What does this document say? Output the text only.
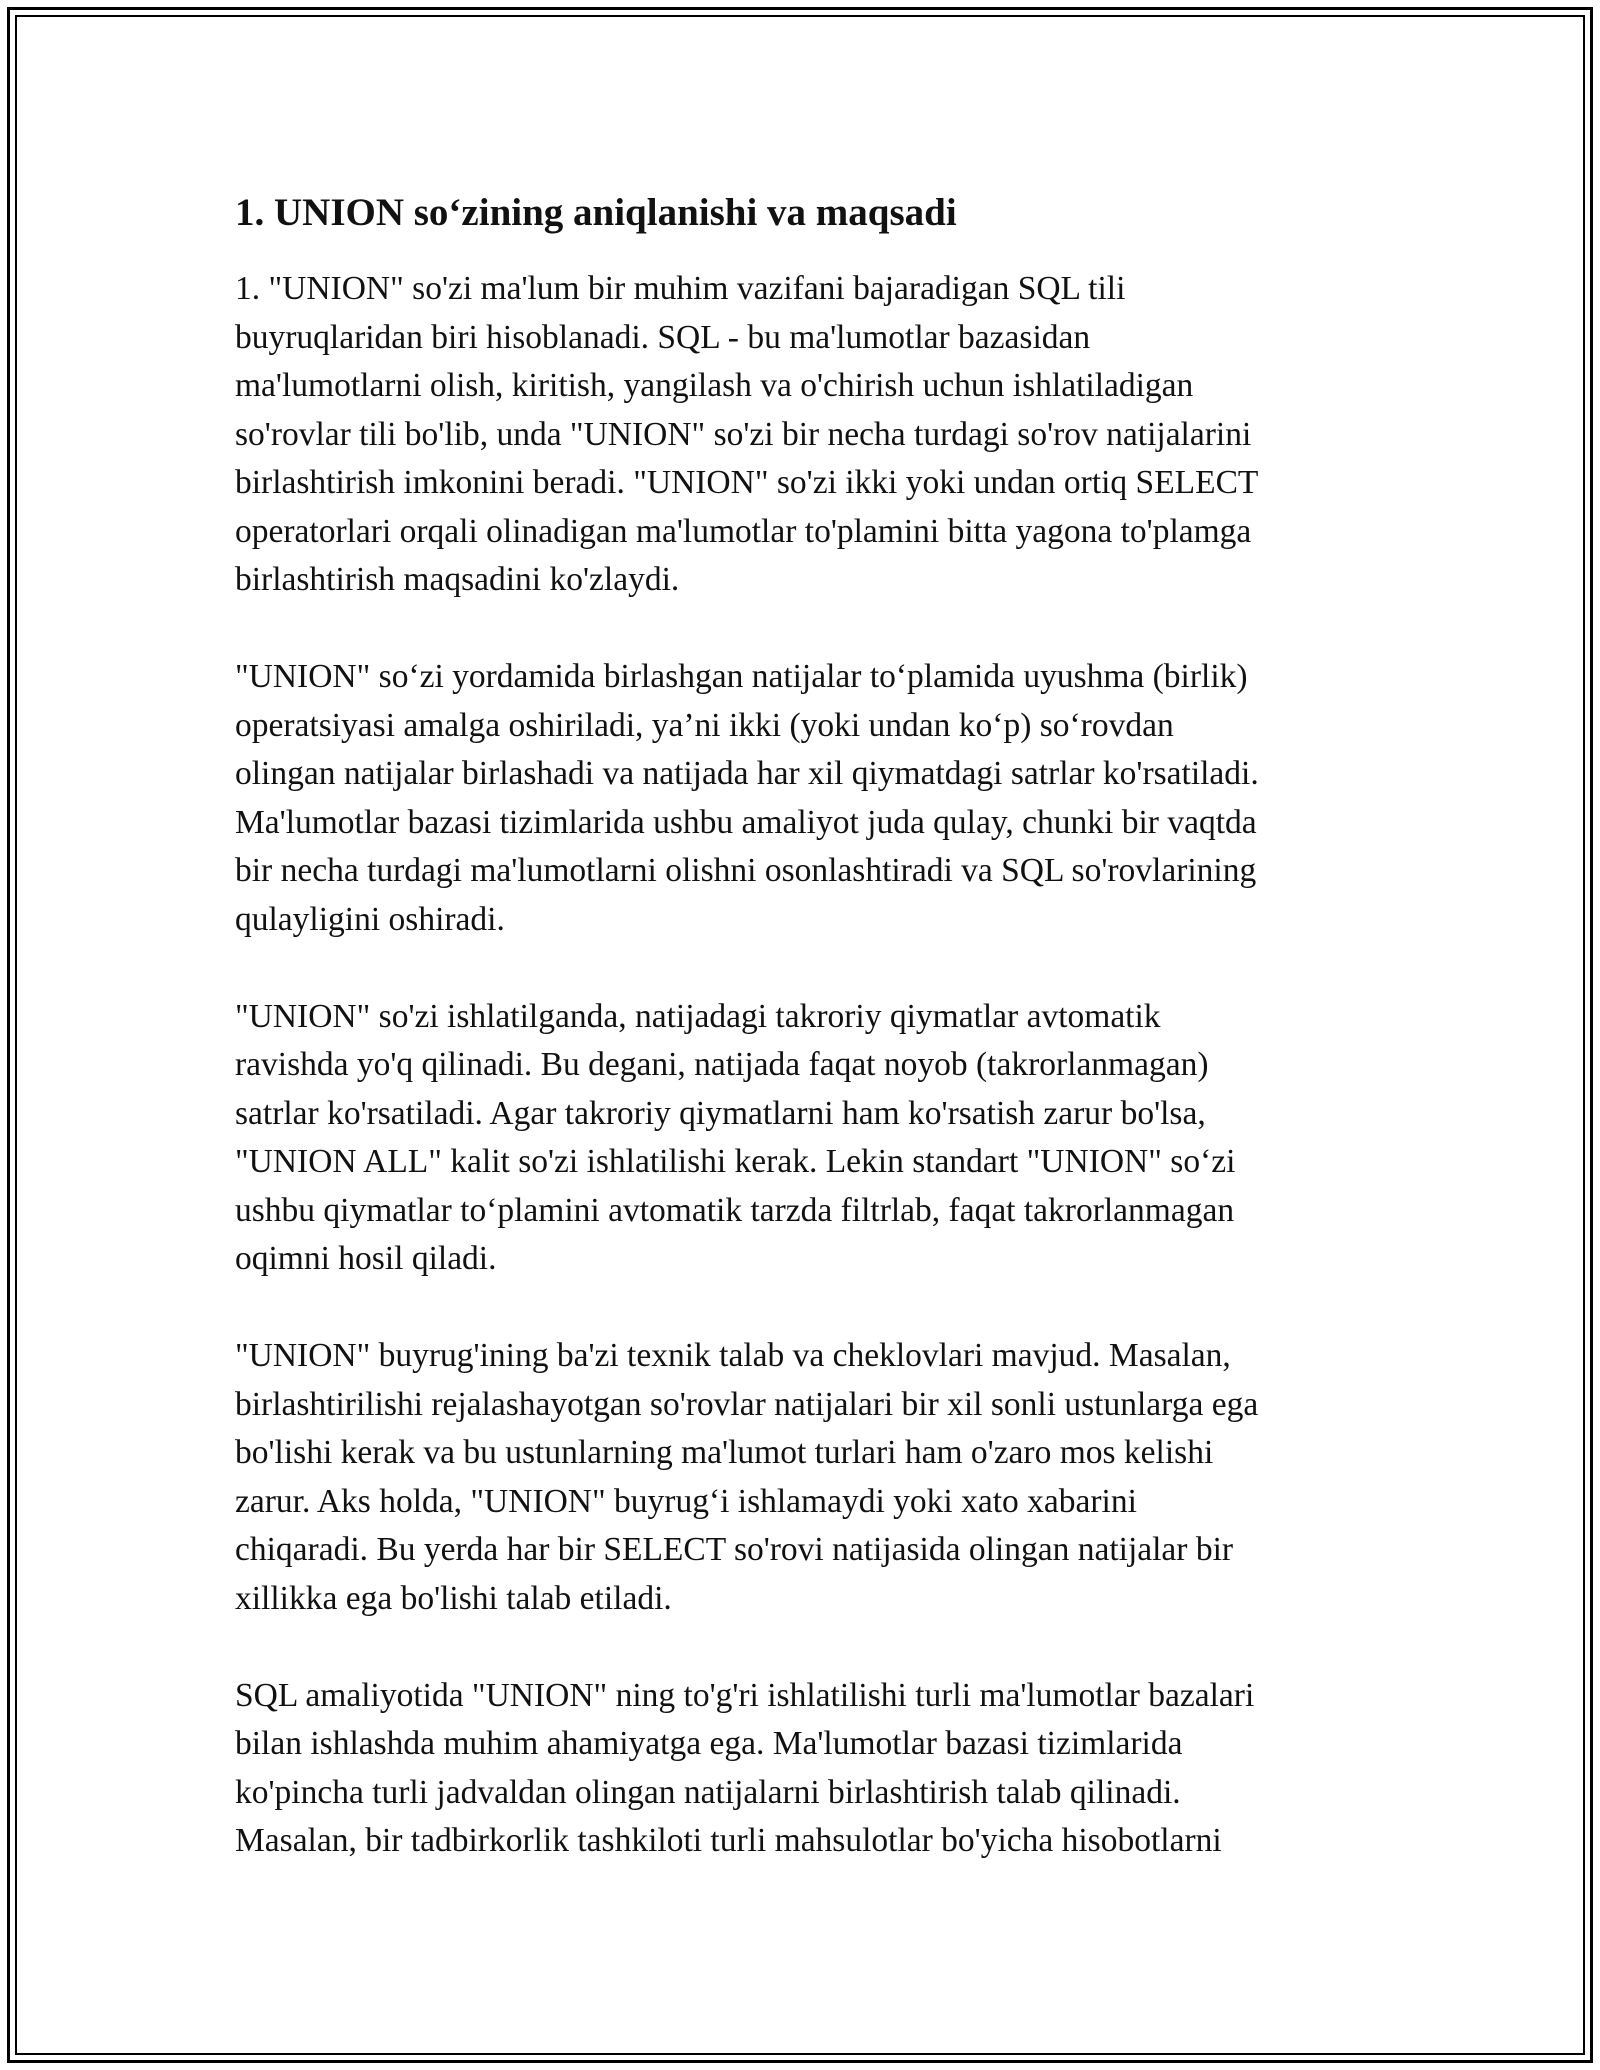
1. UNION so‘zining aniqlanishi va maqsadi

1. "UNION" so'zi ma'lum bir muhim vazifani bajaradigan SQL tili
buyruqlaridan biri hisoblanadi. SQL - bu ma'lumotlar bazasidan
ma'lumotlarni olish, kiritish, yangilash va o'chirish uchun ishlatiladigan
so'rovlar tili bo'lib, unda "UNION" so'zi bir necha turdagi so'rov natijalarini
birlashtirish imkonini beradi. "UNION" so'zi ikki yoki undan ortiq SELECT
operatorlari orqali olinadigan ma'lumotlar to'plamini bitta yagona to'plamga
birlashtirish maqsadini ko'zlaydi.

"UNION" so‘zi yordamida birlashgan natijalar to‘plamida uyushma (birlik)
operatsiyasi amalga oshiriladi, ya’ni ikki (yoki undan ko‘p) so‘rovdan
olingan natijalar birlashadi va natijada har xil qiymatdagi satrlar ko'rsatiladi.
Ma'lumotlar bazasi tizimlarida ushbu amaliyot juda qulay, chunki bir vaqtda
bir necha turdagi ma'lumotlarni olishni osonlashtiradi va SQL so'rovlarining
qulayligini oshiradi.

"UNION" so'zi ishlatilganda, natijadagi takroriy qiymatlar avtomatik
ravishda yo'q qilinadi. Bu degani, natijada faqat noyob (takrorlanmagan)
satrlar ko'rsatiladi. Agar takroriy qiymatlarni ham ko'rsatish zarur bo'lsa,
"UNION ALL" kalit so'zi ishlatilishi kerak. Lekin standart "UNION" so‘zi
ushbu qiymatlar to‘plamini avtomatik tarzda filtrlab, faqat takrorlanmagan
oqimni hosil qiladi.

"UNION" buyrug'ining ba'zi texnik talab va cheklovlari mavjud. Masalan,
birlashtirilishi rejalashayotgan so'rovlar natijalari bir xil sonli ustunlarga ega
bo'lishi kerak va bu ustunlarning ma'lumot turlari ham o'zaro mos kelishi
zarur. Aks holda, "UNION" buyrug‘i ishlamaydi yoki xato xabarini
chiqaradi. Bu yerda har bir SELECT so'rovi natijasida olingan natijalar bir
xillikka ega bo'lishi talab etiladi.

SQL amaliyotida "UNION" ning to'g'ri ishlatilishi turli ma'lumotlar bazalari
bilan ishlashda muhim ahamiyatga ega. Ma'lumotlar bazasi tizimlarida
ko'pincha turli jadvaldan olingan natijalarni birlashtirish talab qilinadi.
Masalan, bir tadbirkorlik tashkiloti turli mahsulotlar bo'yicha hisobotlarni
